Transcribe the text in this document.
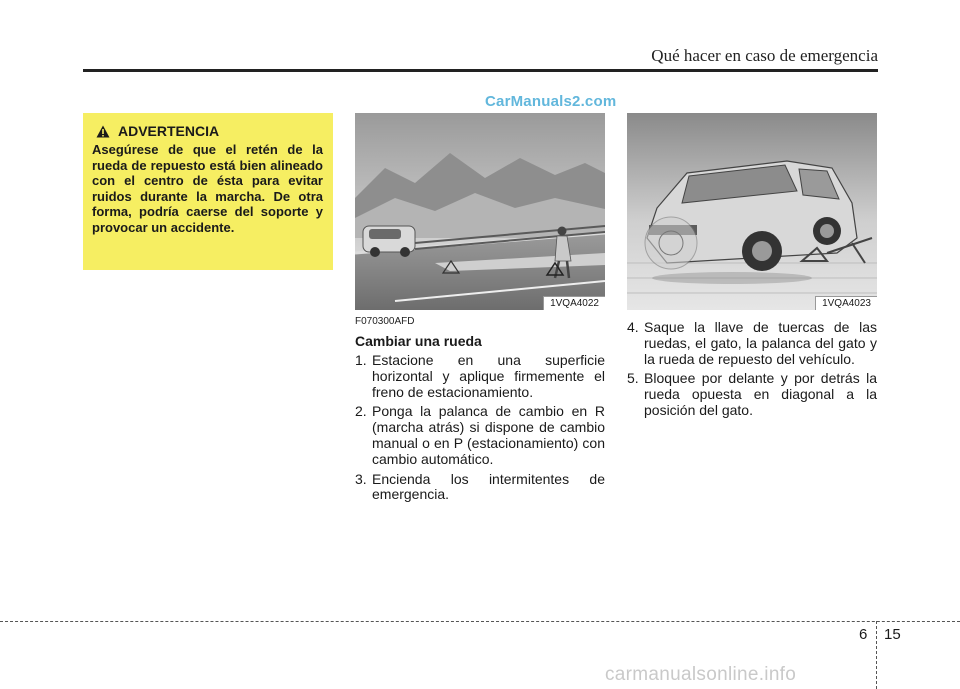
Qué hacer en caso de emergencia
CarManuals2.com
ADVERTENCIA
Asegúrese de que el retén de la rueda de repuesto está bien alineado con el centro de ésta para evitar ruidos durante la marcha. De otra forma, podría caerse del soporte y provocar un accidente.
1VQA4022	1VQA4023
F070300AFD
Cambiar una rueda
1. Estacione en una superficie horizontal y aplique firmemente el freno de estacionamiento.
2. Ponga la palanca de cambio en R (marcha atrás) si dispone de cambio manual o en P (estacionamiento) con cambio automático.
3. Encienda los intermitentes de emergencia.
4. Saque la llave de tuercas de las ruedas, el gato, la palanca del gato y la rueda de repuesto del vehículo.
5. Bloquee por delante y por detrás la rueda opuesta en diagonal a la posición del gato.
6 15
carmanualsonline.info
